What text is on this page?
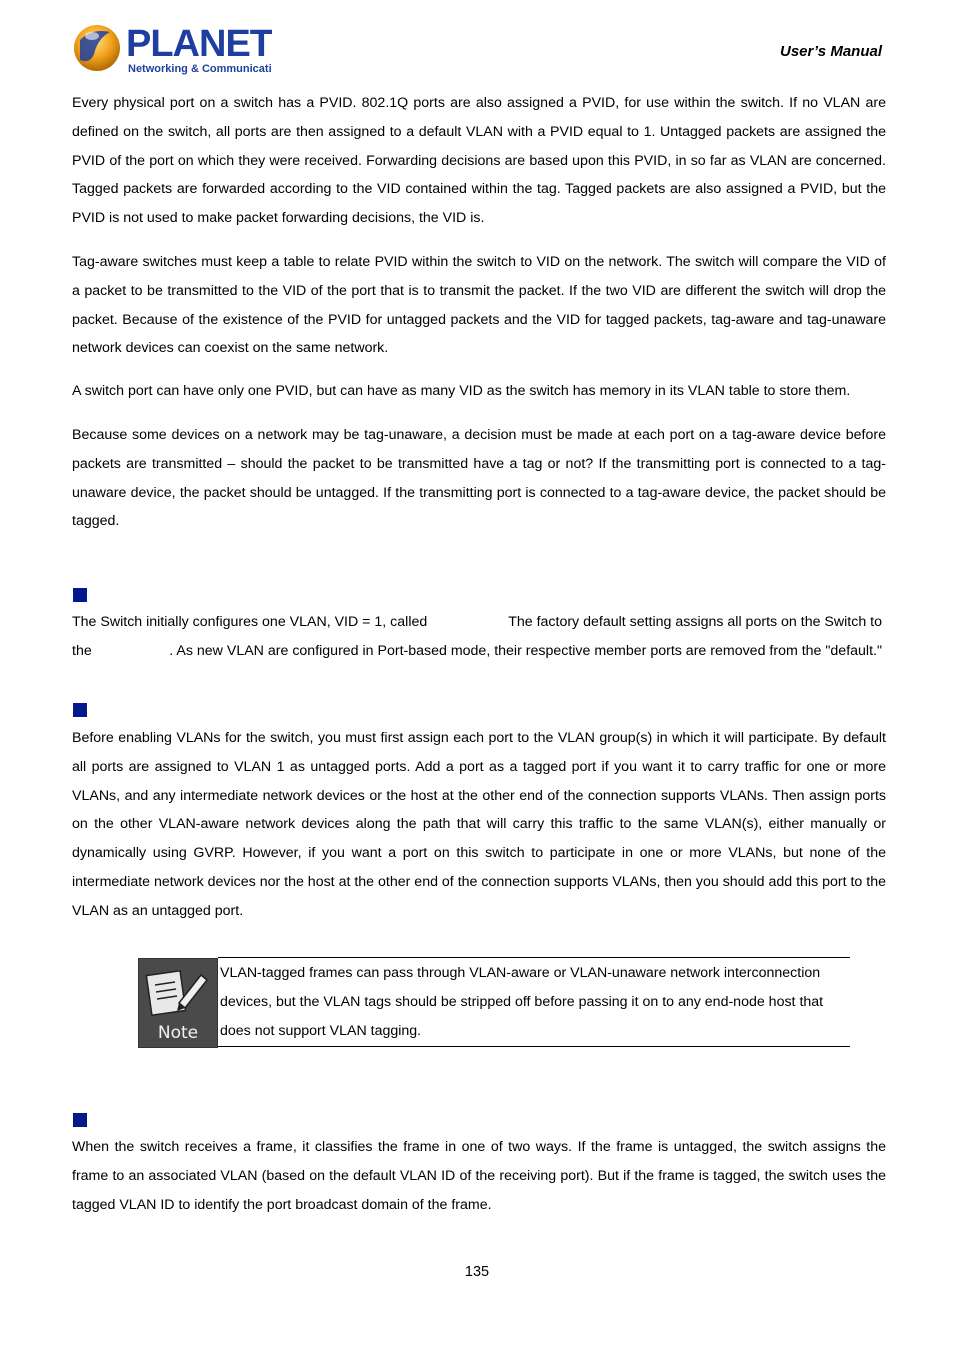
PLANET
Networking & Communication
User’s Manual

Every physical port on a switch has a PVID. 802.1Q ports are also assigned a PVID, for use within the switch. If no VLAN are defined on the switch, all ports are then assigned to a default VLAN with a PVID equal to 1. Untagged packets are assigned the PVID of the port on which they were received. Forwarding decisions are based upon this PVID, in so far as VLAN are concerned. Tagged packets are forwarded according to the VID contained within the tag. Tagged packets are also assigned a PVID, but the PVID is not used to make packet forwarding decisions, the VID is.

Tag-aware switches must keep a table to relate PVID within the switch to VID on the network. The switch will compare the VID of a packet to be transmitted to the VID of the port that is to transmit the packet. If the two VID are different the switch will drop the packet. Because of the existence of the PVID for untagged packets and the VID for tagged packets, tag-aware and tag-unaware network devices can coexist on the same network.

A switch port can have only one PVID, but can have as many VID as the switch has memory in its VLAN table to store them.

Because some devices on a network may be tag-unaware, a decision must be made at each port on a tag-aware device before packets are transmitted – should the packet to be transmitted have a tag or not? If the transmitting port is connected to a tag-unaware device, the packet should be untagged. If the transmitting port is connected to a tag-aware device, the packet should be tagged.

The Switch initially configures one VLAN, VID = 1, called	The factory default setting assigns all ports on the Switch to
the	. As new VLAN are configured in Port-based mode, their respective member ports are removed from the "default."

Before enabling VLANs for the switch, you must first assign each port to the VLAN group(s) in which it will participate. By default all ports are assigned to VLAN 1 as untagged ports. Add a port as a tagged port if you want it to carry traffic for one or more VLANs, and any intermediate network devices or the host at the other end of the connection supports VLANs. Then assign ports on the other VLAN-aware network devices along the path that will carry this traffic to the same VLAN(s), either manually or dynamically using GVRP. However, if you want a port on this switch to participate in one or more VLANs, but none of the intermediate network devices nor the host at the other end of the connection supports VLANs, then you should add this port to the VLAN as an untagged port.

Note

VLAN-tagged frames can pass through VLAN-aware or VLAN-unaware network interconnection devices, but the VLAN tags should be stripped off before passing it on to any end-node host that does not support VLAN tagging.

When the switch receives a frame, it classifies the frame in one of two ways. If the frame is untagged, the switch assigns the frame to an associated VLAN (based on the default VLAN ID of the receiving port). But if the frame is tagged, the switch uses the tagged VLAN ID to identify the port broadcast domain of the frame.

135
